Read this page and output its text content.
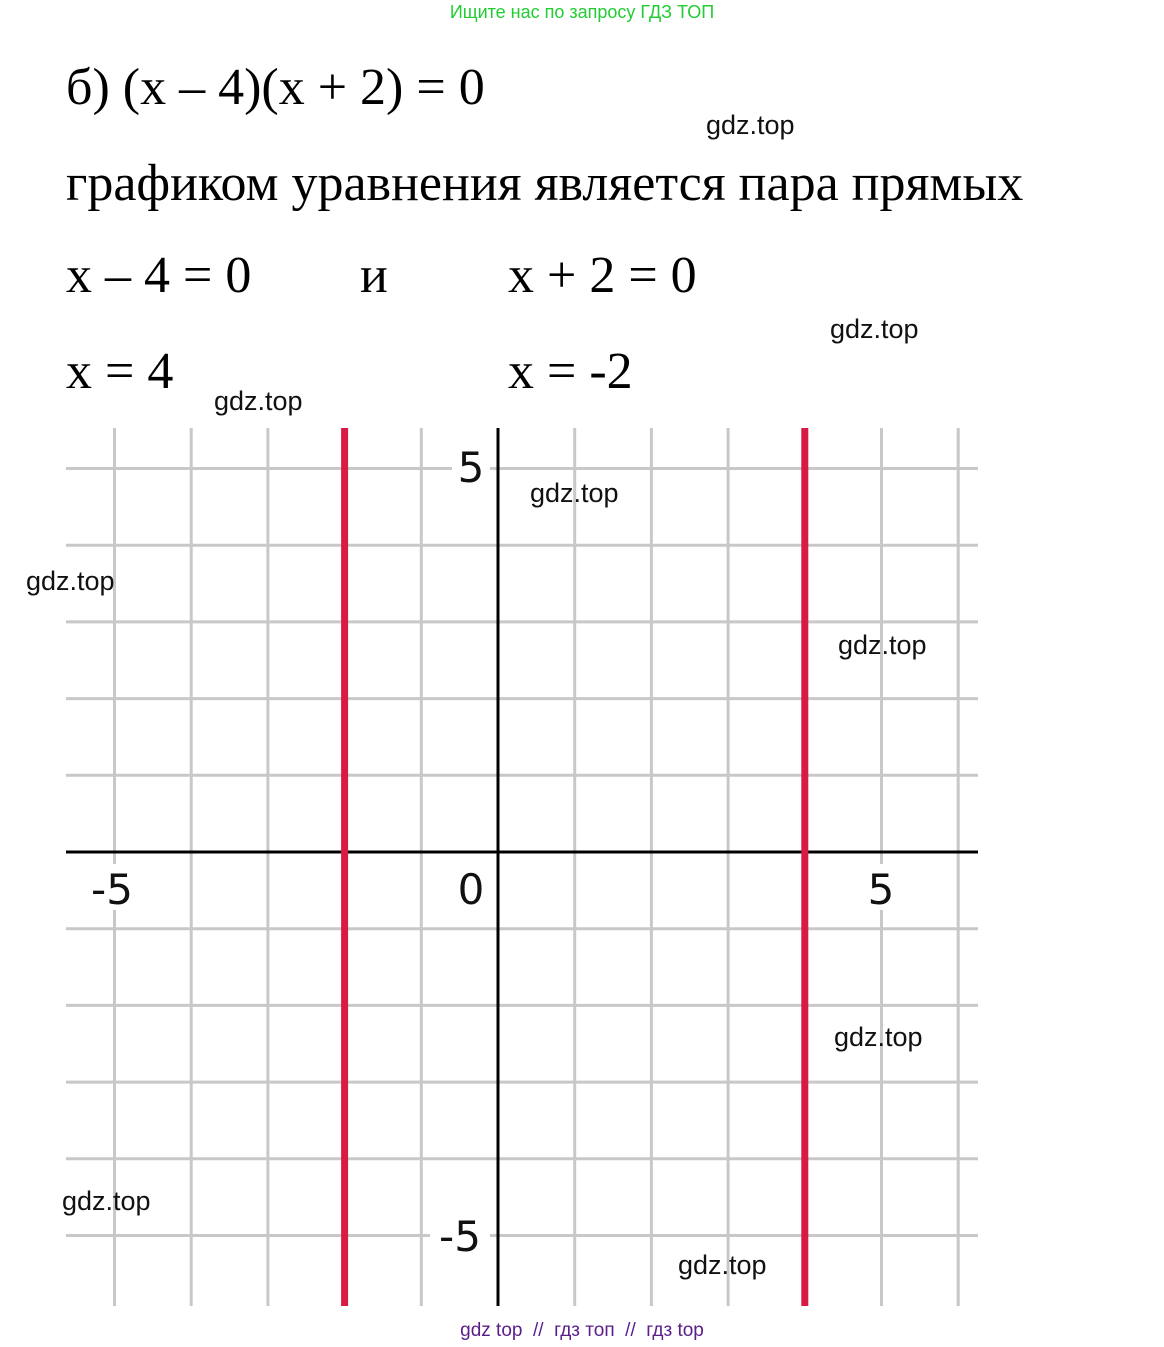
Ищите нас по запросу ГДЗ ТОП
б) (x – 4)(x + 2) = 0
графиком уравнения является пара прямых
x – 4 = 0 и x + 2 = 0
x = 4	x = -2
5
-5
-5	0	5
gdz.top
gdz.top
gdz.top
gdz.top
gdz.top
gdz.top
gdz.top
gdz.top
gdz.top
gdz top  //  гдз топ  //  гдз top
